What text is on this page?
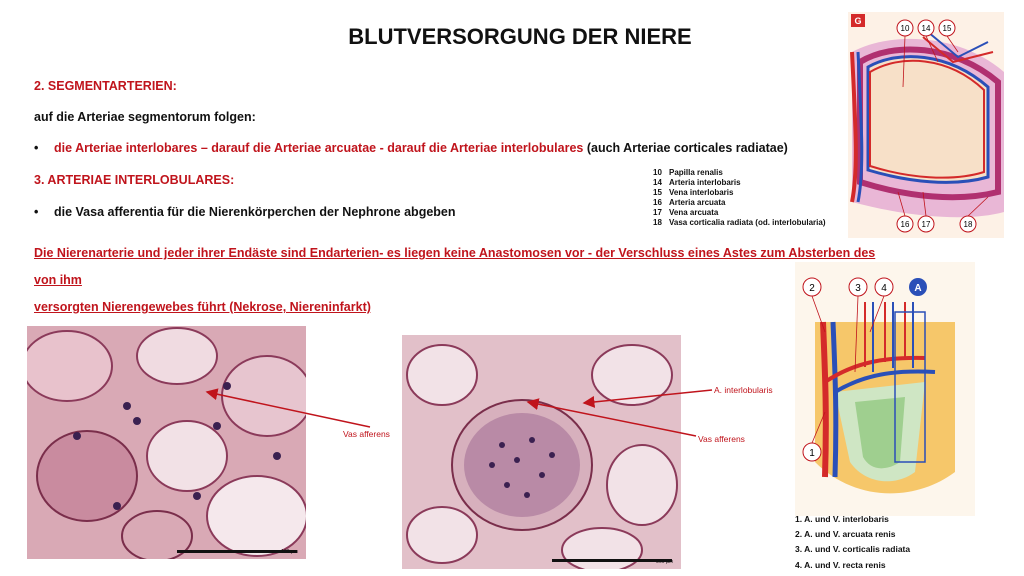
BLUTVERSORGUNG DER NIERE
2. SEGMENTARTERIEN:
auf die Arteriae segmentorum folgen:
• die Arteriae interlobares – darauf die Arteriae arcuatae - darauf die Arteriae interlobulares (auch Arteriae corticales radiatae)
3. ARTERIAE INTERLOBULARES:
• die Vasa afferentia für die Nierenkörperchen der Nephrone abgeben
Die Nierenarterie und jeder ihrer Endäste sind Endarterien- es liegen keine Anastomosen vor - der Verschluss eines Astes zum Absterben des von ihm
versorgten Nierengewebes führt (Nekrose, Niereninfarkt)
10 Papilla renalis
14 Arteria interlobaris
15 Vena interlobaris
16 Arteria arcuata
17 Vena arcuata
18 Vasa corticalia radiata (od. interlobularia)
G
10 14 15
16 17	18
2	3 4	A
1
1. A. und V. interlobaris
2. A. und V. arcuata renis
3. A. und V. corticalis radiata
4. A. und V. recta renis
100 µm
200 µm
Vas afferens
A. interlobularis
Vas afferens
